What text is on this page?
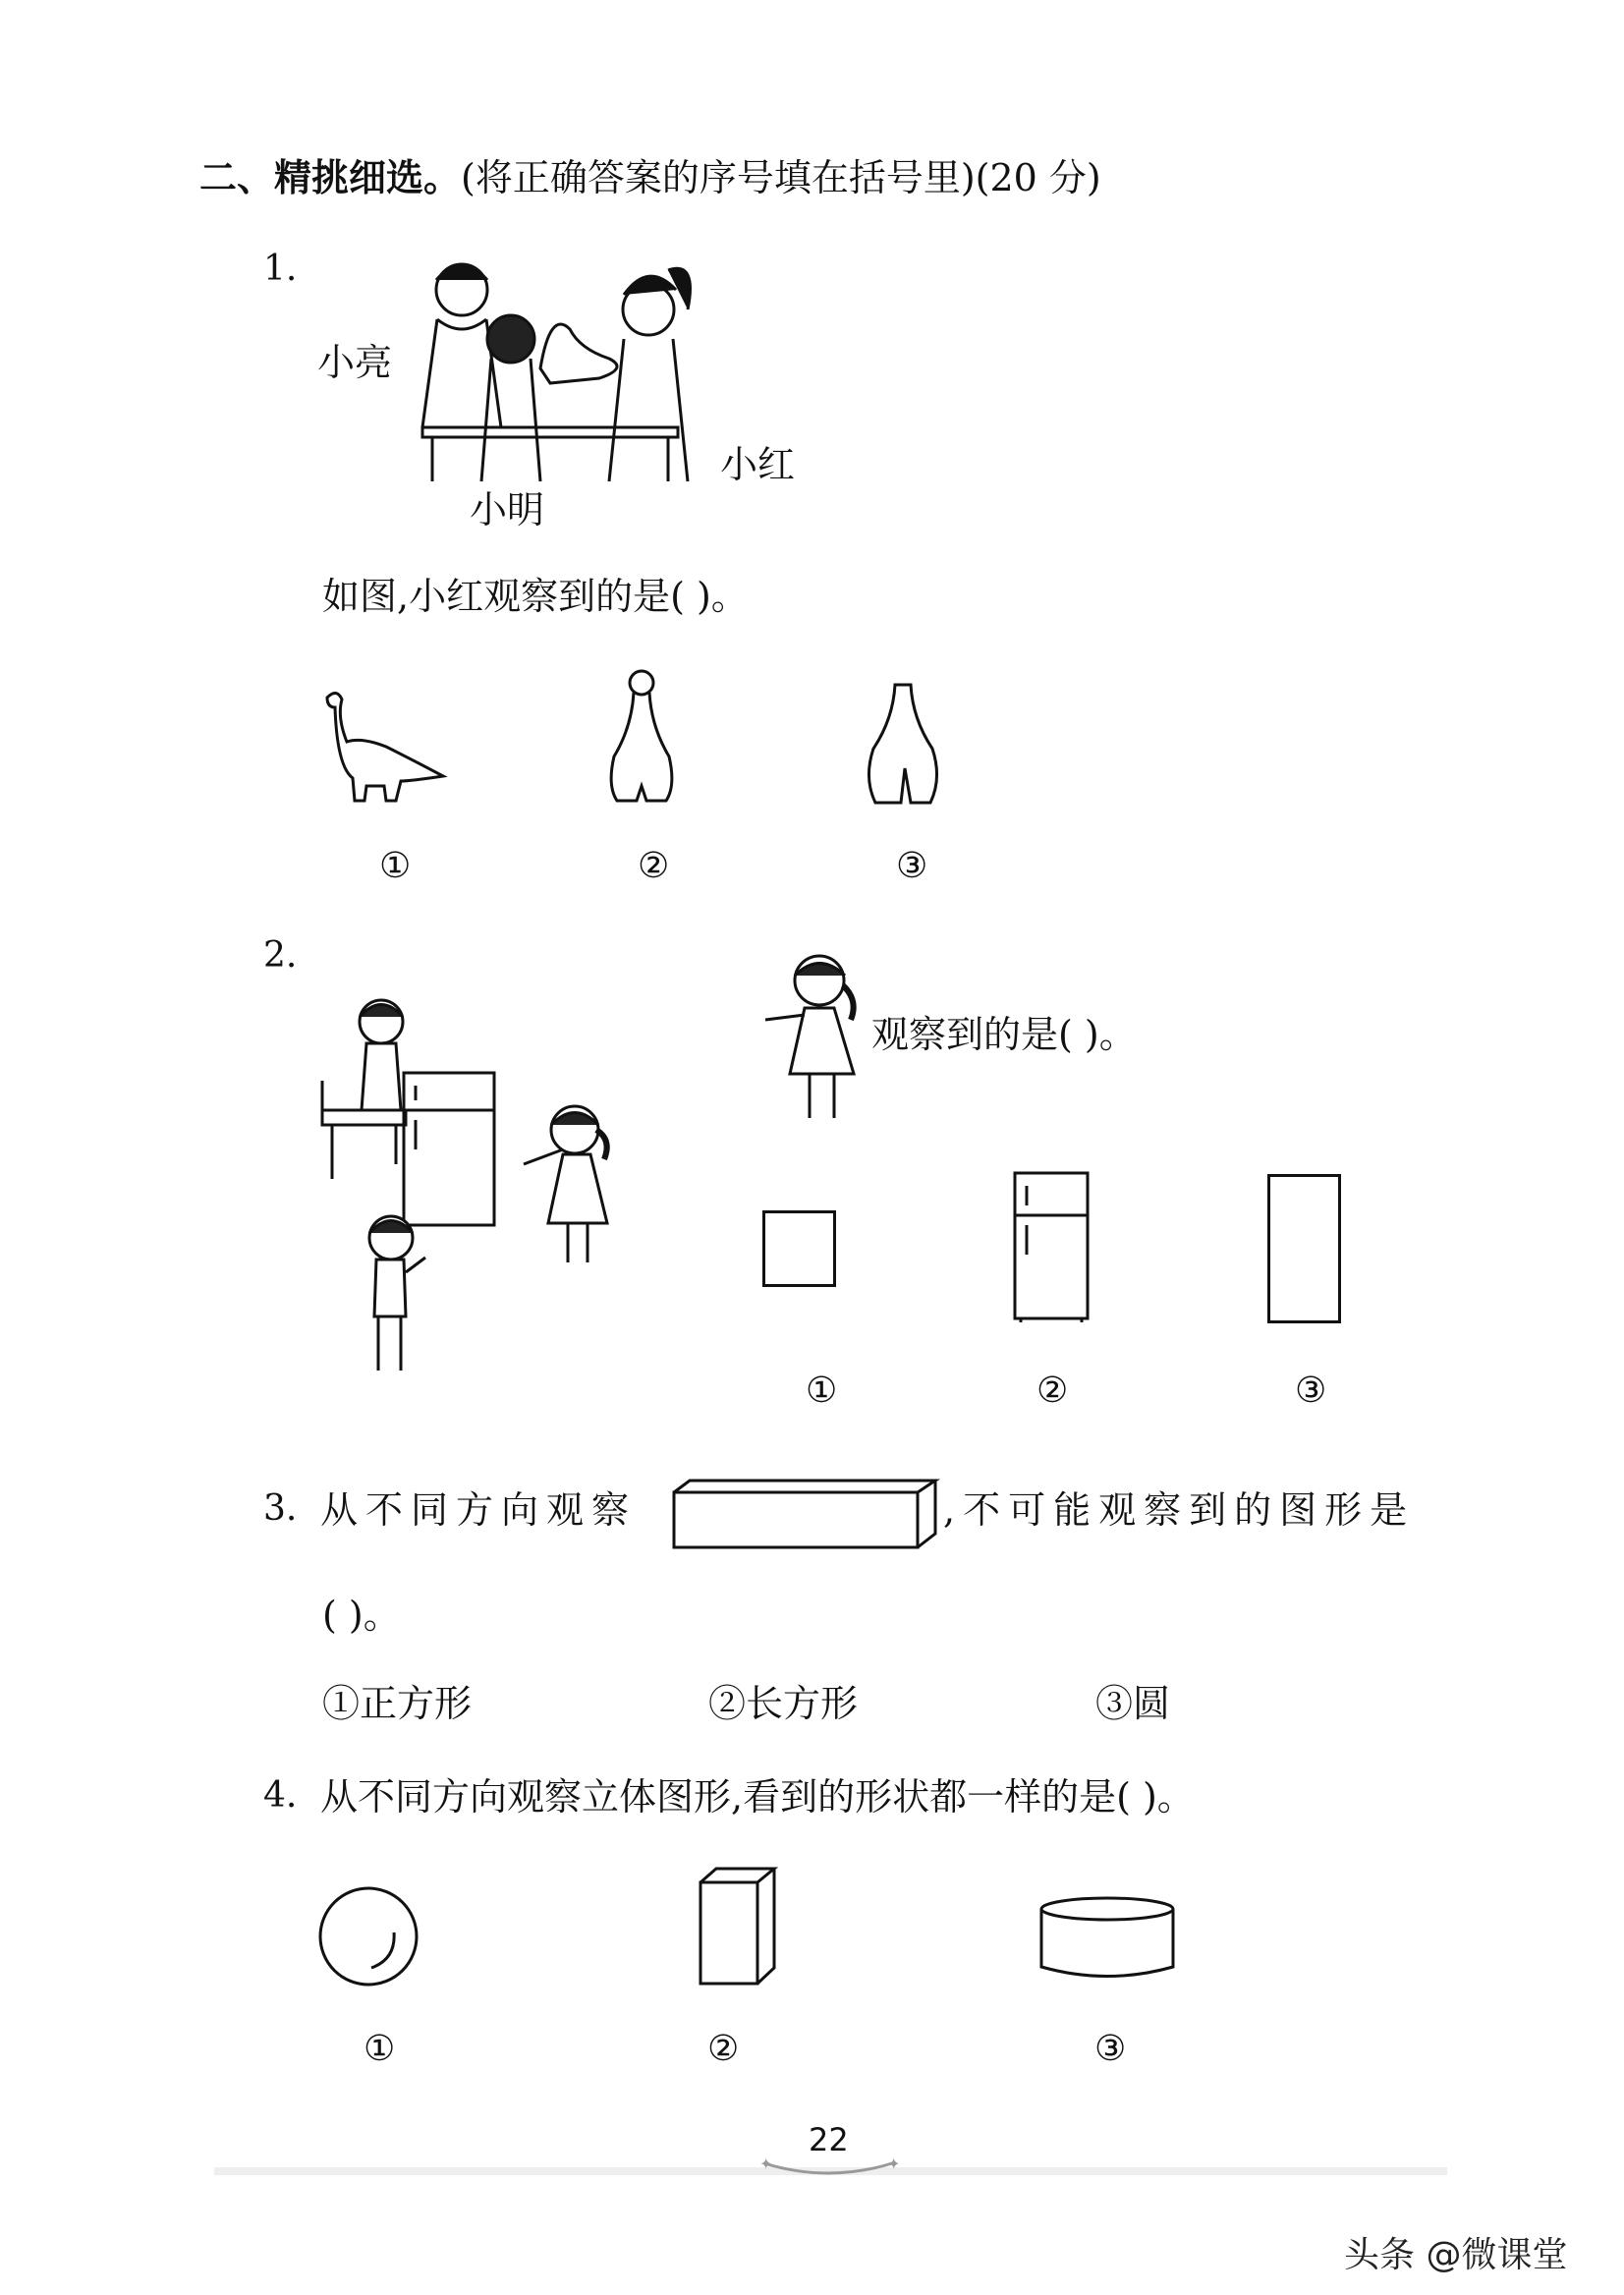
二、精挑细选。(将正确答案的序号填在括号里)(20 分)
1.
小亮
小红
小明
如图,小红观察到的是( )。
①	②	③
2.
观察到的是( )。
①	②	③
3. 从不同方向观察	,不可能观察到的图形是
( )。
①正方形	②长方形	③圆
4. 从不同方向观察立体图形,看到的形状都一样的是( )。
①	②	③
22
✦	✦
头条 @微课堂
